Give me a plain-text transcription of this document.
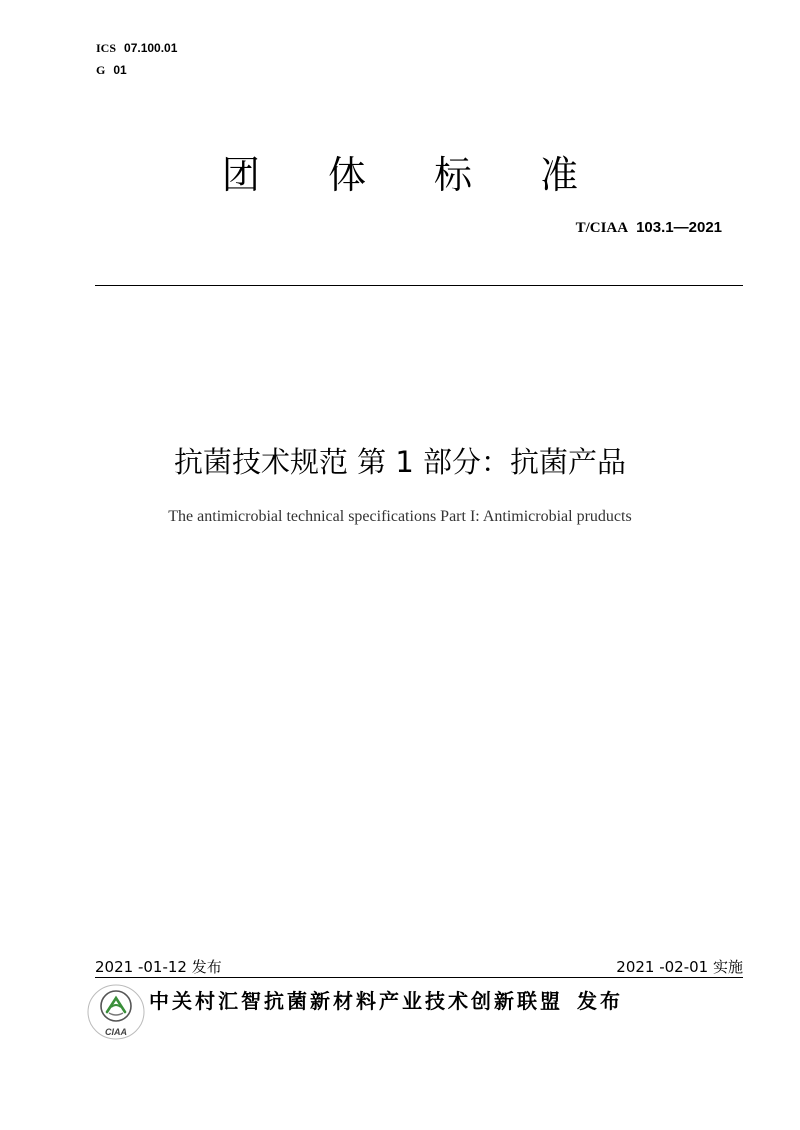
ICS 07.100.01
G 01
团 体 标 准
T/CIAA 103.1—2021
抗菌技术规范 第 1 部分：抗菌产品
The antimicrobial technical specifications Part I: Antimicrobial pruducts
2021 -01-12 发布	2021 -02-01 实施
CIAA
中关村汇智抗菌新材料产业技术创新联盟 发布
